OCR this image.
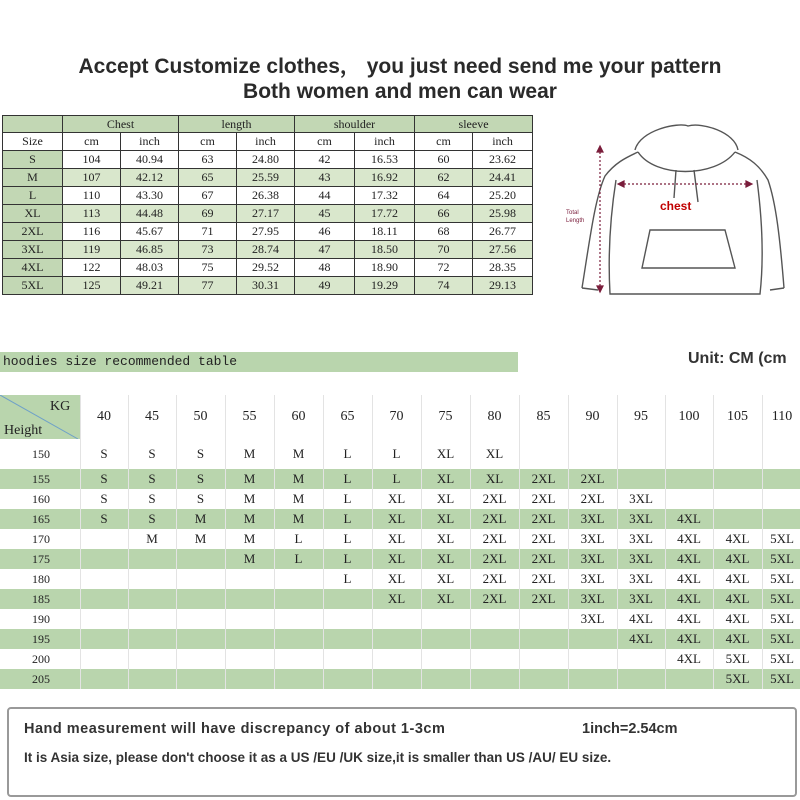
Accept Customize clothes， you just need send me your pattern
Both women and men can wear
	Chest		length		shoulder		sleeve	
Size	cm	inch	cm	inch	cm	inch	cm	inch
S	104	40.94	63	24.80	42	16.53	60	23.62
M	107	42.12	65	25.59	43	16.92	62	24.41
L	110	43.30	67	26.38	44	17.32	64	25.20
XL	113	44.48	69	27.17	45	17.72	66	25.98
2XL	116	45.67	71	27.95	46	18.11	68	26.77
3XL	119	46.85	73	28.74	47	18.50	70	27.56
4XL	122	48.03	75	29.52	48	18.90	72	28.35
5XL	125	49.21	77	30.31	49	19.29	74	29.13
chest
Total
Length
hoodies size recommended table	Unit: CM (cm
KG
Height	40	45	50	55	60	65	70	75	80	85	90	95	100	105	110
150	S	S	S	M	M	L	L	XL	XL						
155	S	S	S	M	M	L	L	XL	XL	2XL	2XL				
160	S	S	S	M	M	L	XL	XL	2XL	2XL	2XL	3XL			
165	S	S	M	M	M	L	XL	XL	2XL	2XL	3XL	3XL	4XL		
170		M	M	M	L	L	XL	XL	2XL	2XL	3XL	3XL	4XL	4XL	5XL
175				M	L	L	XL	XL	2XL	2XL	3XL	3XL	4XL	4XL	5XL
180						L	XL	XL	2XL	2XL	3XL	3XL	4XL	4XL	5XL
185							XL	XL	2XL	2XL	3XL	3XL	4XL	4XL	5XL
190											3XL	4XL	4XL	4XL	5XL
195												4XL	4XL	4XL	5XL
200													4XL	5XL	5XL
205														5XL	5XL
Hand measurement will have discrepancy of about 1-3cm	1inch=2.54cm
It is Asia size, please don't choose it as a US /EU /UK size,it is smaller than US /AU/ EU size.
